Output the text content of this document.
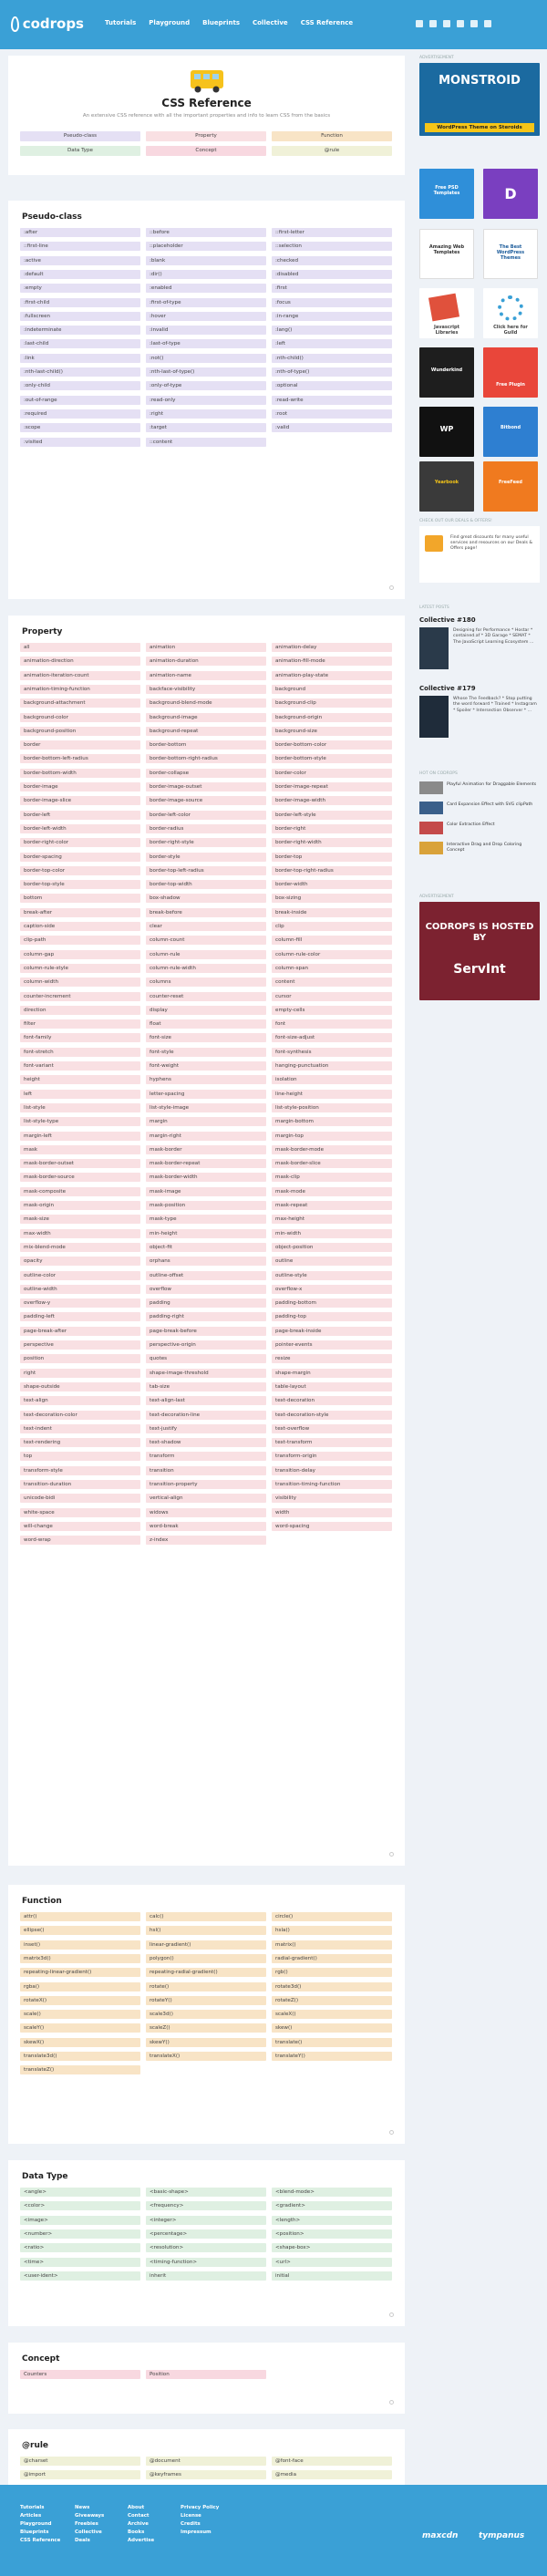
codrops	Tutorials Playground Blueprints Collective CSS Reference
CSS Reference
An extensive CSS reference with all the important properties and info to learn CSS from the basics
Pseudo-class	Property	Function
Data Type	Concept	@rule
Pseudo-class
:after	::before	::first-letter
::first-line	::placeholder	::selection
:active	:blank	:checked
:default	:dir()	:disabled
:empty	:enabled	:first
:first-child	:first-of-type	:focus
:fullscreen	:hover	:in-range
:indeterminate	:invalid	:lang()
:last-child	:last-of-type	:left
:link	:not()	:nth-child()
:nth-last-child()	:nth-last-of-type()	:nth-of-type()
:only-child	:only-of-type	:optional
:out-of-range	:read-only	:read-write
:required	:right	:root
:scope	:target	:valid
:visited	::content
Property
all	animation	animation-delay
animation-direction	animation-duration	animation-fill-mode
animation-iteration-count	animation-name	animation-play-state
animation-timing-function	backface-visibility	background
background-attachment	background-blend-mode	background-clip
background-color	background-image	background-origin
background-position	background-repeat	background-size
border	border-bottom	border-bottom-color
border-bottom-left-radius	border-bottom-right-radius	border-bottom-style
border-bottom-width	border-collapse	border-color
border-image	border-image-outset	border-image-repeat
border-image-slice	border-image-source	border-image-width
border-left	border-left-color	border-left-style
border-left-width	border-radius	border-right
border-right-color	border-right-style	border-right-width
border-spacing	border-style	border-top
border-top-color	border-top-left-radius	border-top-right-radius
border-top-style	border-top-width	border-width
bottom	box-shadow	box-sizing
break-after	break-before	break-inside
caption-side	clear	clip
clip-path	column-count	column-fill
column-gap	column-rule	column-rule-color
column-rule-style	column-rule-width	column-span
column-width	columns	content
counter-increment	counter-reset	cursor
direction	display	empty-cells
filter	float	font
font-family	font-size	font-size-adjust
font-stretch	font-style	font-synthesis
font-variant	font-weight	hanging-punctuation
height	hyphens	isolation
left	letter-spacing	line-height
list-style	list-style-image	list-style-position
list-style-type	margin	margin-bottom
margin-left	margin-right	margin-top
mask	mask-border	mask-border-mode
mask-border-outset	mask-border-repeat	mask-border-slice
mask-border-source	mask-border-width	mask-clip
mask-composite	mask-image	mask-mode
mask-origin	mask-position	mask-repeat
mask-size	mask-type	max-height
max-width	min-height	min-width
mix-blend-mode	object-fit	object-position
opacity	orphans	outline
outline-color	outline-offset	outline-style
outline-width	overflow	overflow-x
overflow-y	padding	padding-bottom
padding-left	padding-right	padding-top
page-break-after	page-break-before	page-break-inside
perspective	perspective-origin	pointer-events
position	quotes	resize
right	shape-image-threshold	shape-margin
shape-outside	tab-size	table-layout
text-align	text-align-last	text-decoration
text-decoration-color	text-decoration-line	text-decoration-style
text-indent	text-justify	text-overflow
text-rendering	text-shadow	text-transform
top	transform	transform-origin
transform-style	transition	transition-delay
transition-duration	transition-property	transition-timing-function
unicode-bidi	vertical-align	visibility
white-space	widows	width
will-change	word-break	word-spacing
word-wrap	z-index
Function
attr()	calc()	circle()
ellipse()	hsl()	hsla()
inset()	linear-gradient()	matrix()
matrix3d()	polygon()	radial-gradient()
repeating-linear-gradient()	repeating-radial-gradient()	rgb()
rgba()	rotate()	rotate3d()
rotateX()	rotateY()	rotateZ()
scale()	scale3d()	scaleX()
scaleY()	scaleZ()	skew()
skewX()	skewY()	translate()
translate3d()	translateX()	translateY()
translateZ()
Data Type
<angle>	<basic-shape>	<blend-mode>
<color>	<frequency>	<gradient>
<image>	<integer>	<length>
<number>	<percentage>	<position>
<ratio>	<resolution>	<shape-box>
<time>	<timing-function>	<url>
<user-ident>	inherit	initial
Concept
Counters	Position
@rule
@charset	@document	@font-face
@import	@keyframes	@media
ADVERTISEMENT
MONSTROID
WordPress Theme on Steroids
Free PSD Templates	D
Amazing Web Templates
The Best WordPress Themes
Javascript Libraries
Click here for Guild
Wunderkind
Free Plugin
WP	Bitbond
Yearbook	FreeFeed
CHECK OUT OUR DEALS & OFFERS!
Find great discounts for many useful services and resources on our Deals & Offers page!
LATEST POSTS
Collective #180
Designing for Performance * Hostar * contained.af * 3D Garage * SEMAT * The JavaScript Learning Ecosystem ...
Collective #179
Whose The Feedback? * Stop putting the word forward * Trained * Instagram * Spoiler * Intersection Observer * ...
HOT ON CODROPS
Playful Animation for Draggable Elements
Card Expansion Effect with SVG clipPath
Color Extraction Effect
Interactive Drag and Drop Coloring Concept
ADVERTISEMENT
CODROPS IS HOSTED BY
ServInt
Tutorials
Articles
Playground
Blueprints
CSS Reference
News
Giveaways
Freebies
Collective
Deals
About
Contact
Archive
Books
Advertise
Privacy Policy
License
Credits
Impressum	maxcdn	tympanus
